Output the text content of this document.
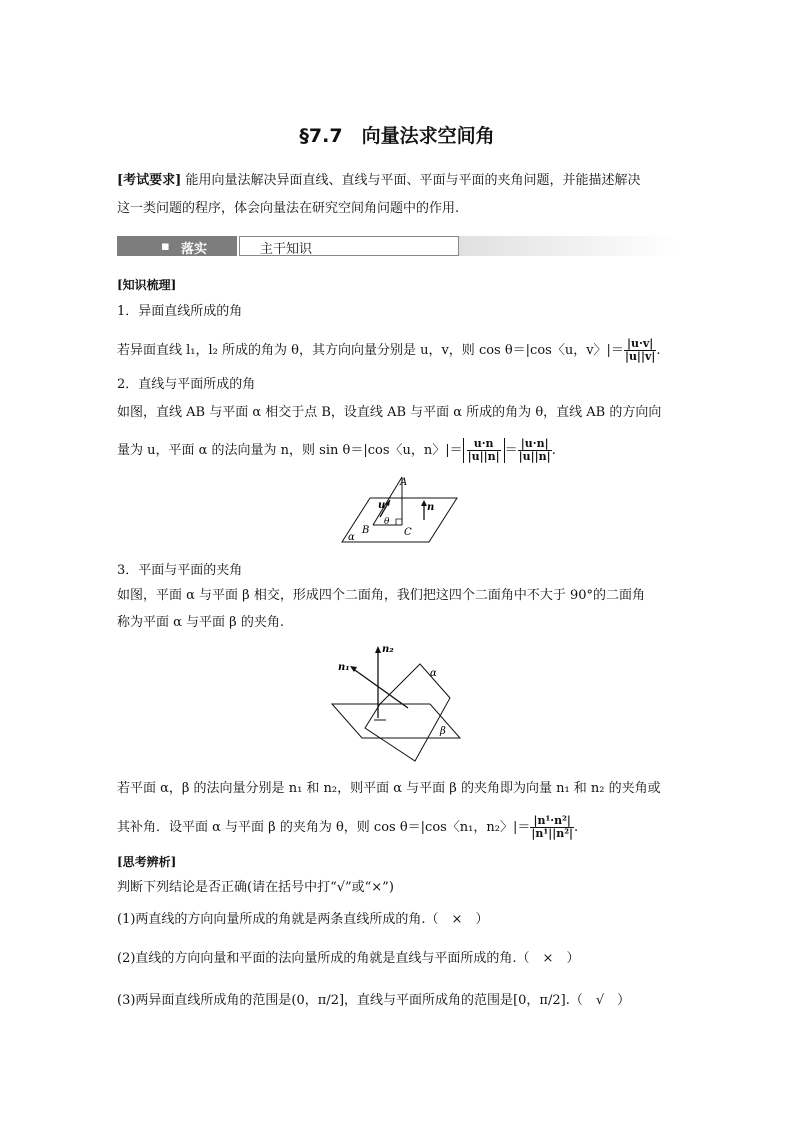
§7.7　向量法求空间角
[考试要求] 能用向量法解决异面直线、直线与平面、平面与平面的夹角问题，并能描述解决
这一类问题的程序，体会向量法在研究空间角问题中的作用.
▪ 落实	主干知识
[知识梳理]
1．异面直线所成的角
若异面直线 l₁，l₂ 所成的角为 θ，其方向向量分别是 u，v，则 cos θ＝|cos〈u，v〉|＝ $\frac{|u\cdot v|}{|u||v|}$ .
2．直线与平面所成的角
如图，直线 AB 与平面 α 相交于点 B，设直线 AB 与平面 α 所成的角为 θ，直线 AB 的方向向
量为 u，平面 α 的法向量为 n，则 sin θ＝|cos〈u，n〉|＝ $\frac{u\cdot n}{|u||n|} = \frac{|u\cdot n|}{|u||n|}$ .
A
B	C
u	n
θ
α
3．平面与平面的夹角
如图，平面 α 与平面 β 相交，形成四个二面角，我们把这四个二面角中不大于 90°的二面角
称为平面 α 与平面 β 的夹角.
n₂
n₁
α
β
若平面 α，β 的法向量分别是 n₁ 和 n₂，则平面 α 与平面 β 的夹角即为向量 n₁ 和 n₂ 的夹角或
其补角．设平面 α 与平面 β 的夹角为 θ，则 cos θ＝|cos〈n₁，n₂〉|＝ $\frac{\text{|n¹·n²|}}{\text{|n¹||n²|}}$ .
[思考辨析]
判断下列结论是否正确(请在括号中打“√”或“×”)
(1)两直线的方向向量所成的角就是两条直线所成的角.（　×　）
(2)直线的方向向量和平面的法向量所成的角就是直线与平面所成的角.（　×　）
(3)两异面直线所成角的范围是(0，π/2]，直线与平面所成角的范围是[0，π/2].（　√　）
